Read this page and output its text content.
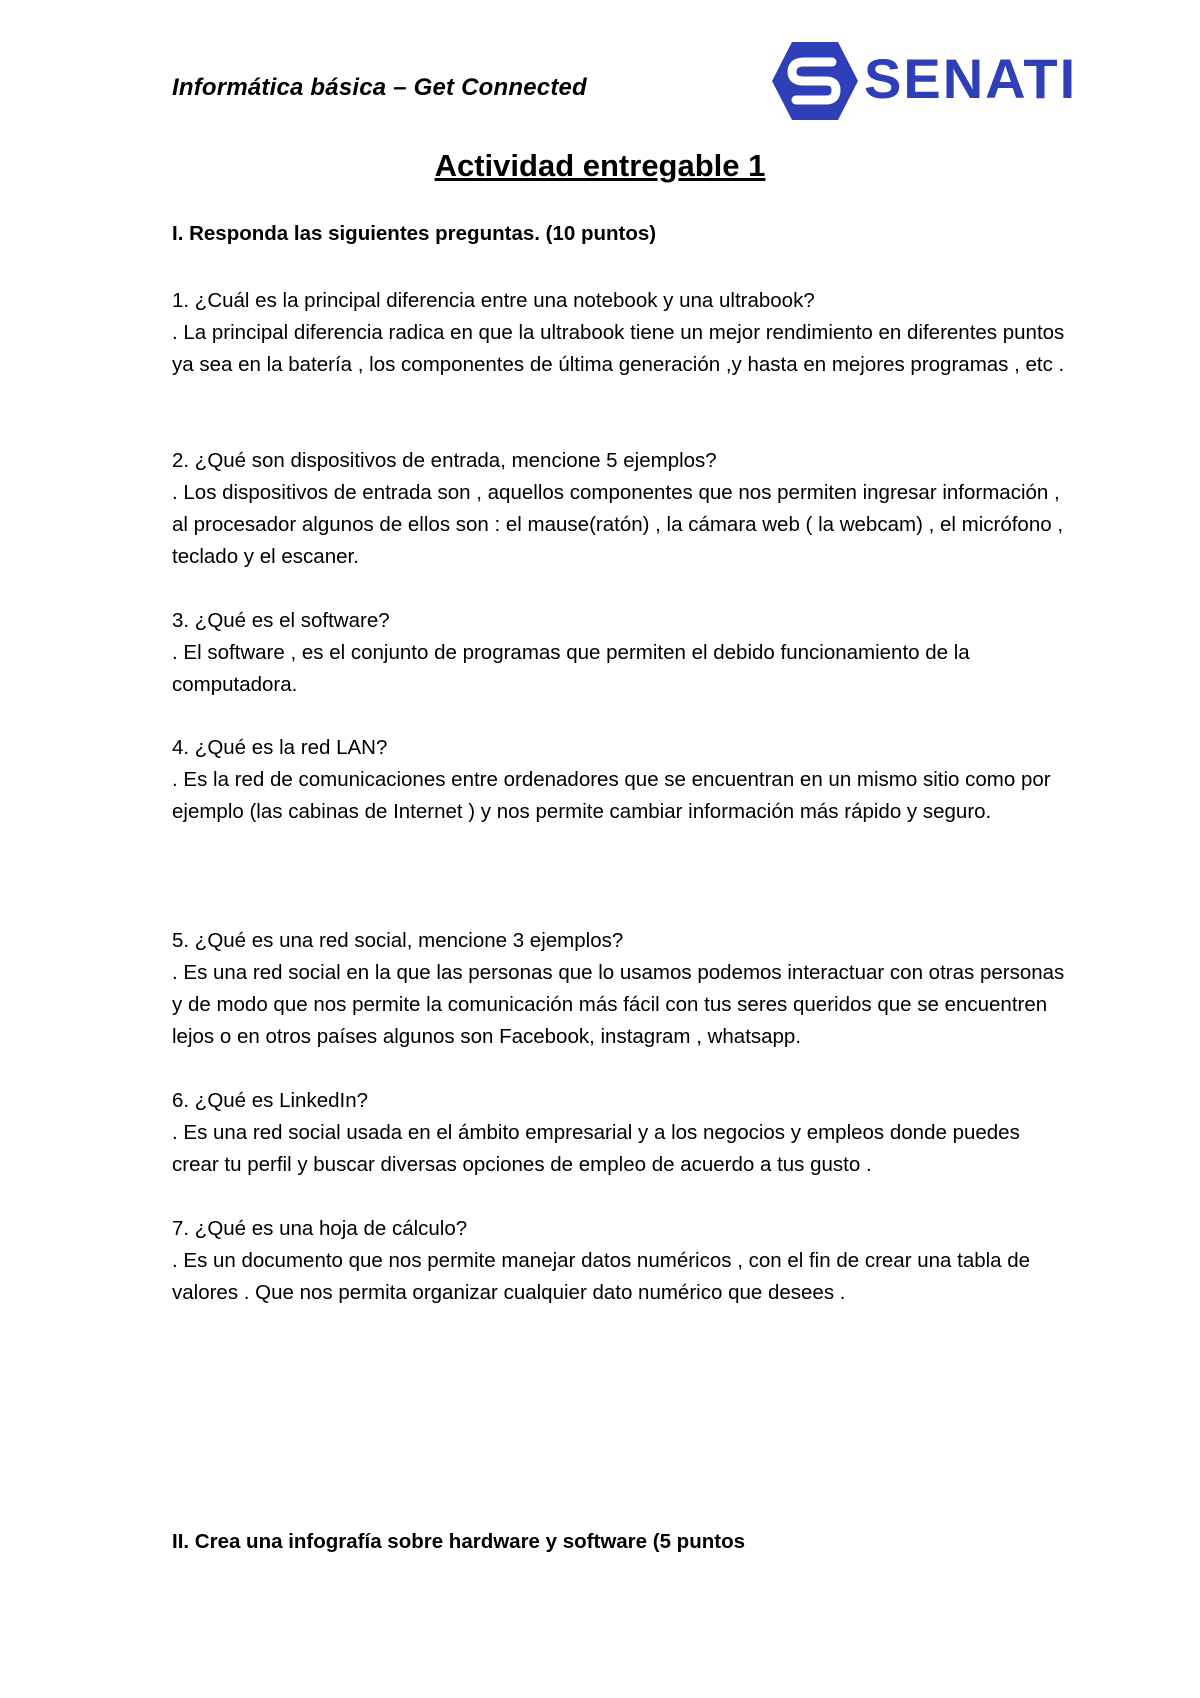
Informática básica – Get Connected	SENATI
Actividad entregable 1
I. Responda las siguientes preguntas. (10 puntos)

1. ¿Cuál es la principal diferencia entre una notebook y una ultrabook?

. La principal diferencia radica en que la ultrabook tiene un mejor rendimiento en diferentes puntos ya sea en la batería , los componentes de última generación ,y hasta en mejores programas , etc .

2. ¿Qué son dispositivos de entrada, mencione 5 ejemplos?

. Los dispositivos de entrada son , aquellos componentes que nos permiten ingresar información , al procesador algunos de ellos son : el mause(ratón) , la cámara web ( la webcam) , el micrófono , teclado y el escaner.

3. ¿Qué es el software?

. El software , es el conjunto de programas que permiten el debido funcionamiento de la computadora.

4. ¿Qué es la red LAN?

. Es la red de comunicaciones entre ordenadores que se encuentran en un mismo sitio como por ejemplo (las cabinas de Internet ) y nos permite cambiar información más rápido y seguro.

5. ¿Qué es una red social, mencione 3 ejemplos?

. Es una red social en la que las personas que lo usamos podemos interactuar con otras personas y de modo que nos permite la comunicación más fácil con tus seres queridos que se encuentren lejos o en otros países algunos son Facebook, instagram , whatsapp.

6. ¿Qué es LinkedIn?

. Es una red social usada en el ámbito empresarial y a los negocios y empleos donde puedes crear tu perfil y buscar diversas opciones de empleo de acuerdo a tus gusto .

7. ¿Qué es una hoja de cálculo?

. Es un documento que nos permite manejar datos numéricos , con el fin de crear una tabla de valores . Que nos permita organizar cualquier dato numérico que desees .

II. Crea una infografía sobre hardware y software (5 puntos
